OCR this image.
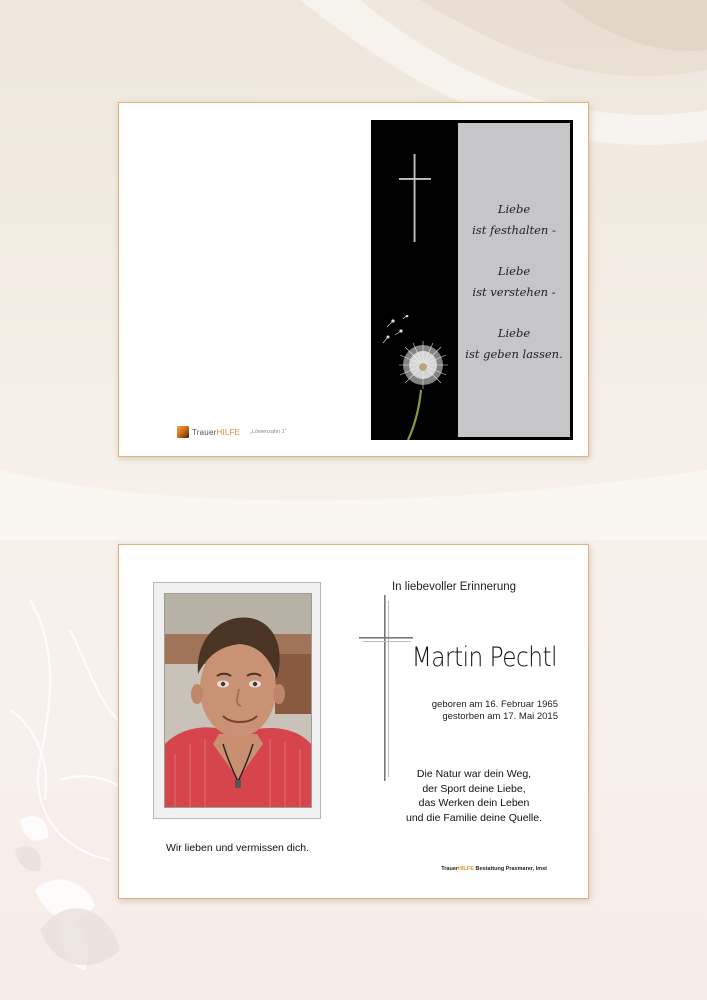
TrauerHILFE „Löwenzahn 1“
Liebe
ist festhalten -
Liebe
ist verstehen -
Liebe
ist geben lassen.
In liebevoller Erinnerung
Martin Pechtl
geboren am 16. Februar 1965
gestorben am 17. Mai 2015
Die Natur war dein Weg,
der Sport deine Liebe,
das Werken dein Leben
und die Familie deine Quelle.
Wir lieben und vermissen dich.
TrauerHILFE Bestattung Praxmarer, Imst
